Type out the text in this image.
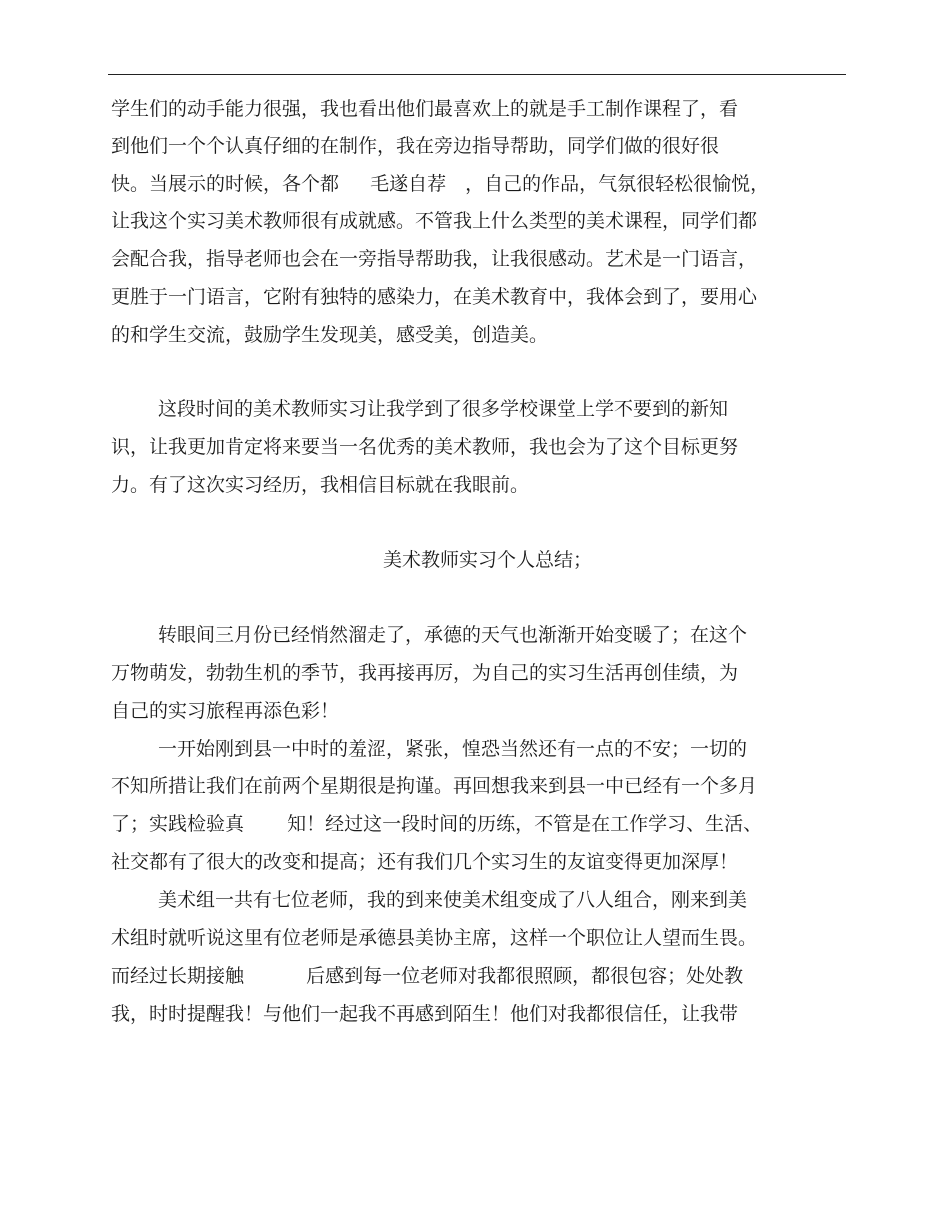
学生们的动手能力很强，我也看出他们最喜欢上的就是手工制作课程了，看
到他们一个个认真仔细的在制作，我在旁边指导帮助，同学们做的很好很
快。当展示的时候，各个都　  毛遂自荐　，自己的作品，气氛很轻松很愉悦，
让我这个实习美术教师很有成就感。不管我上什么类型的美术课程，同学们都
会配合我，指导老师也会在一旁指导帮助我，让我很感动。艺术是一门语言，
更胜于一门语言，它附有独特的感染力，在美术教育中，我体会到了，要用心
的和学生交流，鼓励学生发现美，感受美，创造美。
这段时间的美术教师实习让我学到了很多学校课堂上学不要到的新知
识，让我更加肯定将来要当一名优秀的美术教师，我也会为了这个目标更努
力。有了这次实习经历，我相信目标就在我眼前。
美术教师实习个人总结；
转眼间三月份已经悄然溜走了，承德的天气也渐渐开始变暖了；在这个
万物萌发，勃勃生机的季节，我再接再厉，为自己的实习生活再创佳绩，为
自己的实习旅程再添色彩！
一开始刚到县一中时的羞涩，紧张，惶恐当然还有一点的不安；一切的
不知所措让我们在前两个星期很是拘谨。再回想我来到县一中已经有一个多月
了；实践检验真　    知！经过这一段时间的历练，不管是在工作学习、生活、
社交都有了很大的改变和提高；还有我们几个实习生的友谊变得更加深厚！
美术组一共有七位老师，我的到来使美术组变成了八人组合，刚来到美
术组时就听说这里有位老师是承德县美协主席，这样一个职位让人望而生畏。
而经过长期接触　　    后感到每一位老师对我都很照顾，都很包容；处处教
我，时时提醒我！与他们一起我不再感到陌生！他们对我都很信任，让我带
